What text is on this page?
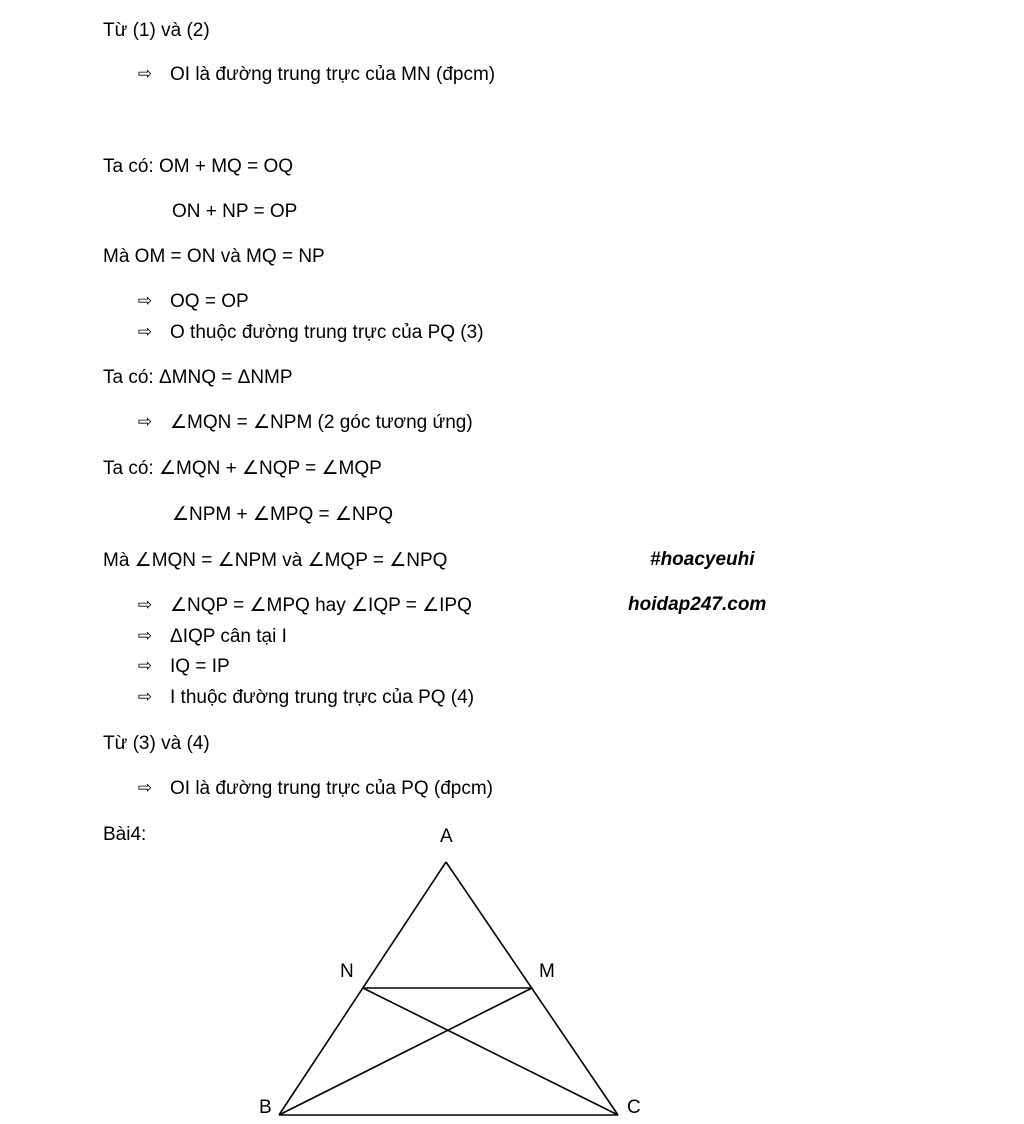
Từ (1) và (2)
⇨ OI là đường trung trực của MN (đpcm)
Ta có: OM + MQ = OQ
ON + NP = OP
Mà OM = ON và MQ = NP
⇨ OQ = OP
⇨ O thuộc đường trung trực của PQ (3)
Ta có: ΔMNQ = ΔNMP
⇨ ∠MQN = ∠NPM (2 góc tương ứng)
Ta có: ∠MQN + ∠NQP = ∠MQP
∠NPM + ∠MPQ = ∠NPQ
Mà ∠MQN = ∠NPM và ∠MQP = ∠NPQ
⇨ ∠NQP = ∠MPQ hay ∠IQP = ∠IPQ
⇨ ΔIQP cân tại I
⇨ IQ = IP
⇨ I thuộc đường trung trực của PQ (4)
Từ (3) và (4)
⇨ OI là đường trung trực của PQ (đpcm)
Bài4:
#hoacyeuhi
hoidap247.com
A
N	M
B	C
